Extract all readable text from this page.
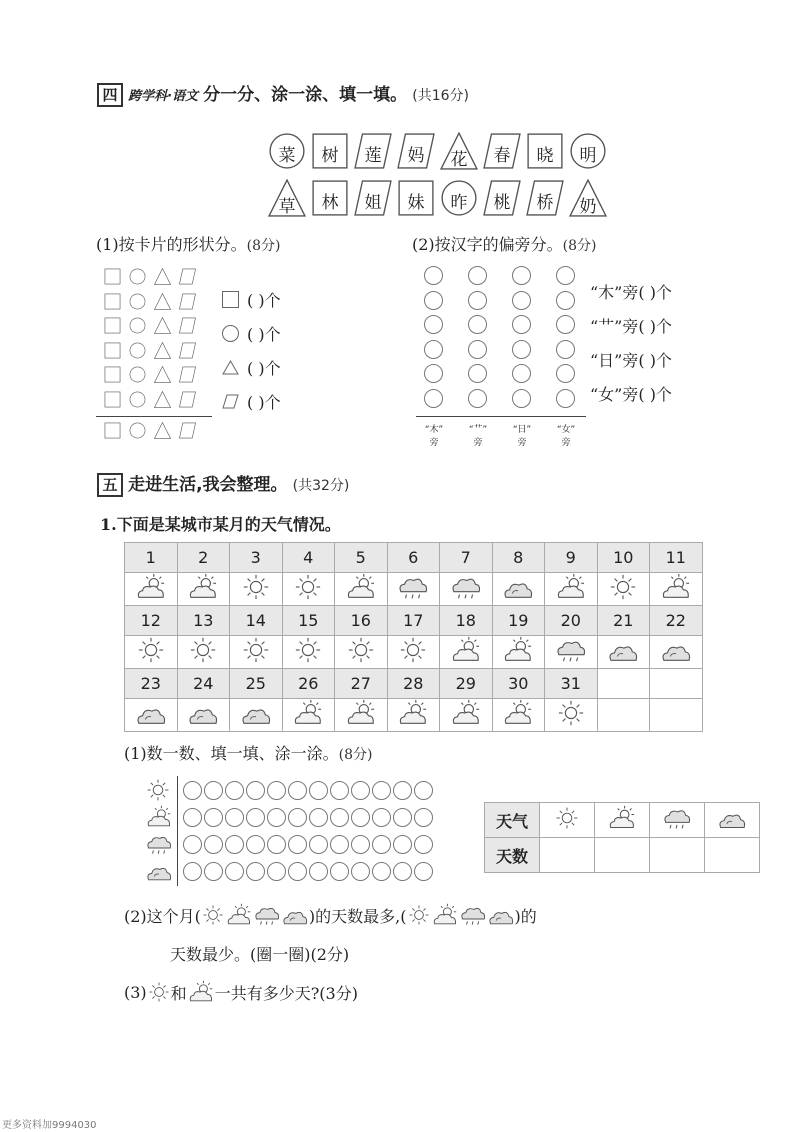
四 跨学科·语文 分一分、涂一涂、填一填。 (共16分)
菜	树	莲	妈	花	春	晓	明
草	林	姐	妹	昨	桃	桥	奶
(1)按卡片的形状分。(8分)	(2)按汉字的偏旁分。(8分)
( )个
( )个
( )个
( )个
“木”
旁
“艹”
旁
“日”
旁
“女”
旁
“木”旁( )个
“艹”旁( )个
“日”旁( )个
“女”旁( )个
五 走进生活,我会整理。 (共32分)
1.下面是某城市某月的天气情况。
1	2	3	4	5	6	7	8	9	10	11

12	13	14	15	16	17	18	19	20	21	22

23	24	25	26	27	28	29	30	31		

(1)数一数、填一填、涂一涂。(8分)
天气				
天数				
(2)这个月(	)的天数最多,(	)的
天数最少。(圈一圈)(2分)
(3) 和 一共有多少天?(3分)
更多资料加9994030
